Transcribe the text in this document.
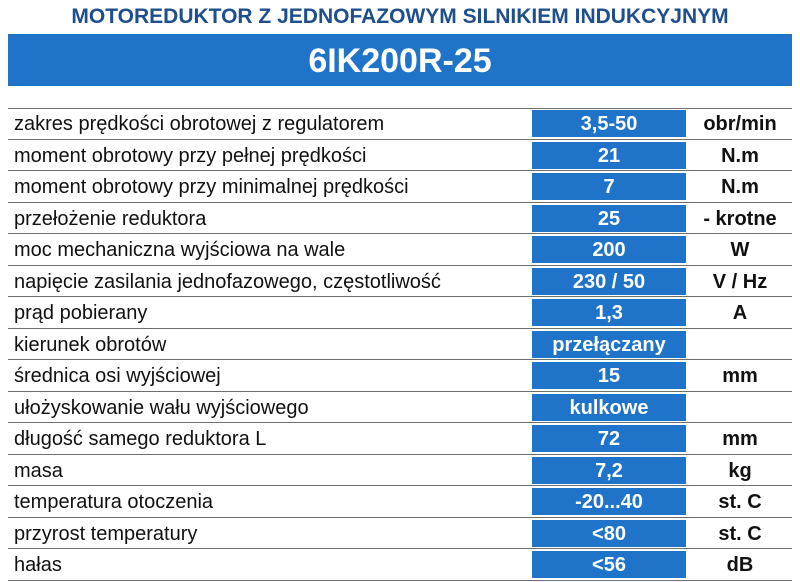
MOTOREDUKTOR Z JEDNOFAZOWYM SILNIKIEM INDUKCYJNYM
6IK200R-25
zakres prędkości obrotowej z regulatorem	3,5-50	obr/min
moment obrotowy przy pełnej prędkości	21	N.m
moment obrotowy przy minimalnej prędkości	7	N.m
przełożenie reduktora	25	- krotne
moc mechaniczna wyjściowa na wale	200	W
napięcie zasilania jednofazowego, częstotliwość	230 / 50	V / Hz
prąd pobierany	1,3	A
kierunek obrotów	przełączany
średnica osi wyjściowej	15	mm
ułożyskowanie wału wyjściowego	kulkowe
długość samego reduktora L	72	mm
masa	7,2	kg
temperatura otoczenia	-20...40	st. C
przyrost temperatury	<80	st. C
hałas	<56	dB
